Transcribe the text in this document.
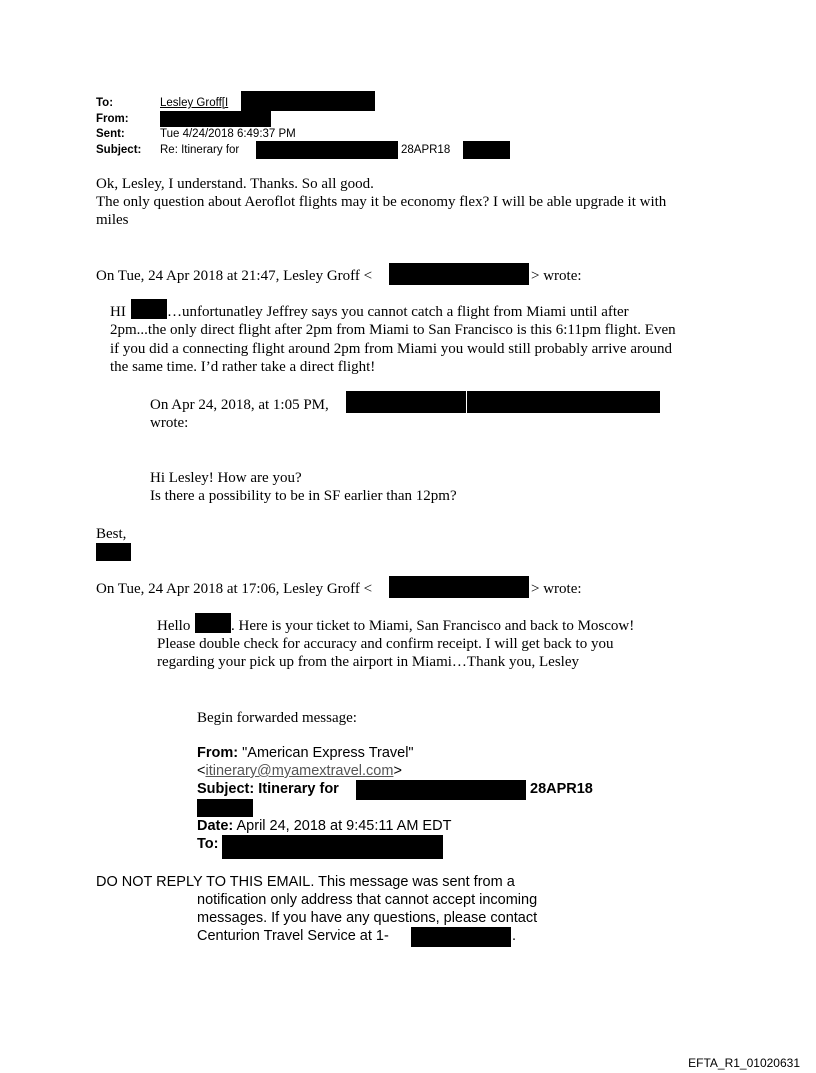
To:	Lesley Groff[I
From:
Sent:	Tue 4/24/2018 6:49:37 PM
Subject: Re: Itinerary for	28APR18
Ok, Lesley, I understand. Thanks. So all good.
The only question about Aeroflot flights may it be economy flex? I will be able upgrade it with
miles
On Tue, 24 Apr 2018 at 21:47, Lesley Groff <	> wrote:
HI	…unfortunatley Jeffrey says you cannot catch a flight from Miami until after
2pm...the only direct flight after 2pm from Miami to San Francisco is this 6:11pm flight. Even
if you did a connecting flight around 2pm from Miami you would still probably arrive around
the same time. I’d rather take a direct flight!
On Apr 24, 2018, at 1:05 PM,
wrote:
Hi Lesley! How are you?
Is there a possibility to be in SF earlier than 12pm?
Best,
On Tue, 24 Apr 2018 at 17:06, Lesley Groff <	> wrote:
Hello	. Here is your ticket to Miami, San Francisco and back to Moscow!
Please double check for accuracy and confirm receipt. I will get back to you
regarding your pick up from the airport in Miami…Thank you, Lesley
Begin forwarded message:
From: "American Express Travel"
<itinerary@myamextravel.com>
Subject: Itinerary for	28APR18
Date: April 24, 2018 at 9:45:11 AM EDT
To:
DO NOT REPLY TO THIS EMAIL. This message was sent from a
notification only address that cannot accept incoming
messages. If you have any questions, please contact
Centurion Travel Service at 1-	.
EFTA_R1_01020631
